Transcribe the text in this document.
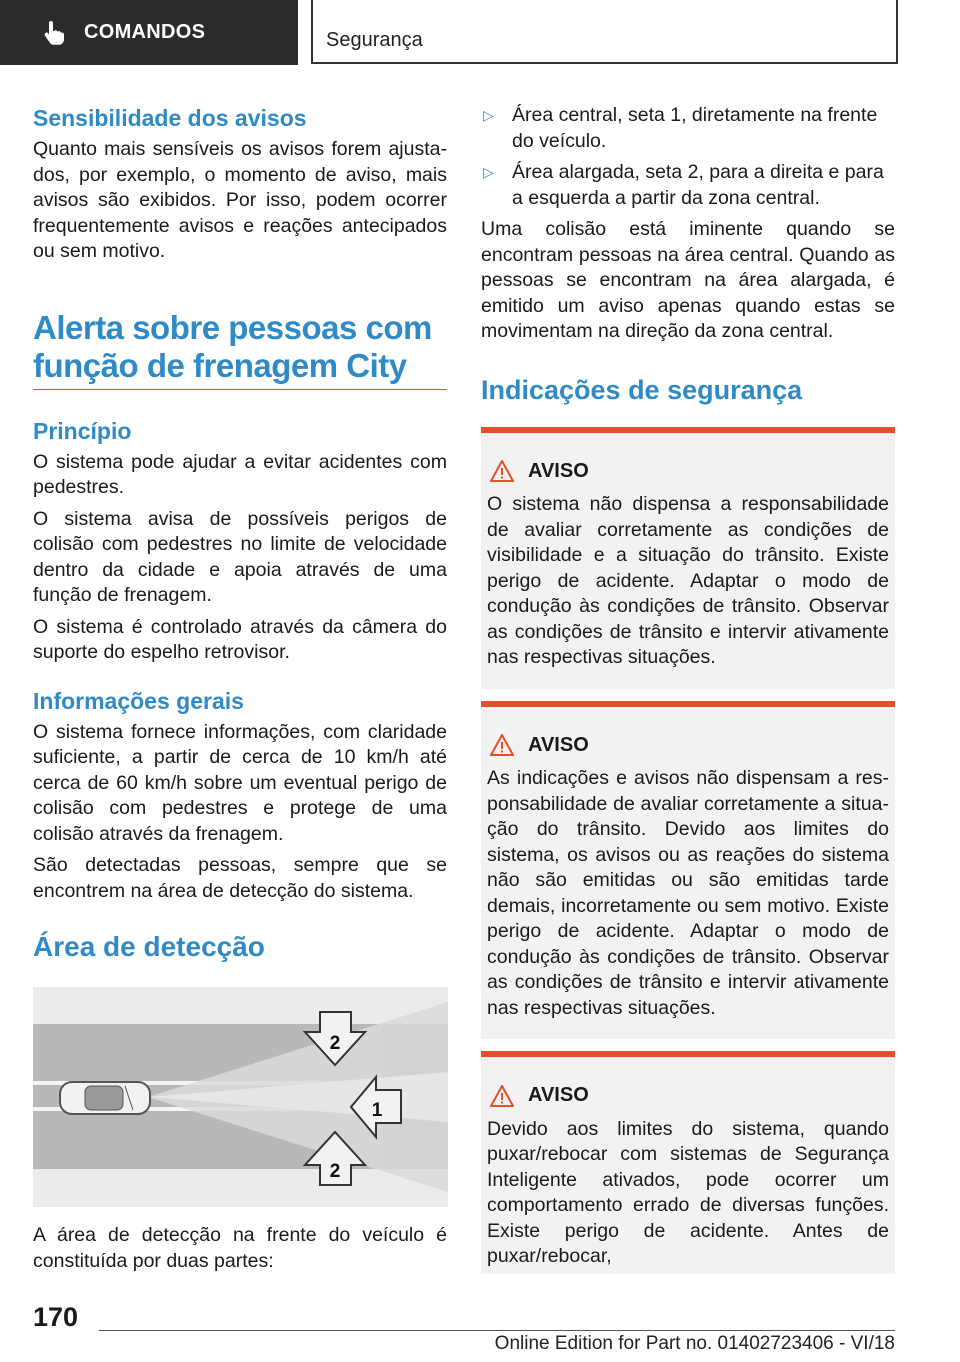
COMANDOS	Segurança
Sensibilidade dos avisos

Quanto mais sensíveis os avisos forem ajustados, por exemplo, o momento de aviso, mais avisos são exibidos. Por isso, podem ocorrer frequentemente avisos e reações antecipados ou sem motivo.

Alerta sobre pessoas com função de frenagem City
Princípio

O sistema pode ajudar a evitar acidentes com pedestres.

O sistema avisa de possíveis perigos de colisão com pedestres no limite de velocidade dentro da cidade e apoia através de uma função de frenagem.

O sistema é controlado através da câmera do suporte do espelho retrovisor.

Informações gerais

O sistema fornece informações, com claridade suficiente, a partir de cerca de 10 km/h até cerca de 60 km/h sobre um eventual perigo de colisão com pedestres e protege de uma colisão através da frenagem.

São detectadas pessoas, sempre que se encontrem na área de detecção do sistema.

Área de detecção
2
1
2

A área de detecção na frente do veículo é constituída por duas partes:

▷ Área central, seta 1, diretamente na frente do veículo.
▷ Área alargada, seta 2, para a direita e para a esquerda a partir da zona central.

Uma colisão está iminente quando se encontram pessoas na área central. Quando as pessoas se encontram na área alargada, é emitido um aviso apenas quando estas se movimentam na direção da zona central.

Indicações de segurança
AVISO

O sistema não dispensa a responsabilidade de avaliar corretamente as condições de visibilidade e a situação do trânsito. Existe perigo de acidente. Adaptar o modo de condução às condições de trânsito. Observar as condições de trânsito e intervir ativamente nas respectivas situações.

AVISO

As indicações e avisos não dispensam a responsabilidade de avaliar corretamente a situação do trânsito. Devido aos limites do sistema, os avisos ou as reações do sistema não são emitidas ou são emitidas tarde demais, incorretamente ou sem motivo. Existe perigo de acidente. Adaptar o modo de condução às condições de trânsito. Observar as condições de trânsito e intervir ativamente nas respectivas situações.

AVISO

Devido aos limites do sistema, quando puxar/rebocar com sistemas de Segurança Inteligente ativados, pode ocorrer um comportamento errado de diversas funções. Existe perigo de acidente. Antes de puxar/rebocar,

170
Online Edition for Part no. 01402723406 - VI/18
